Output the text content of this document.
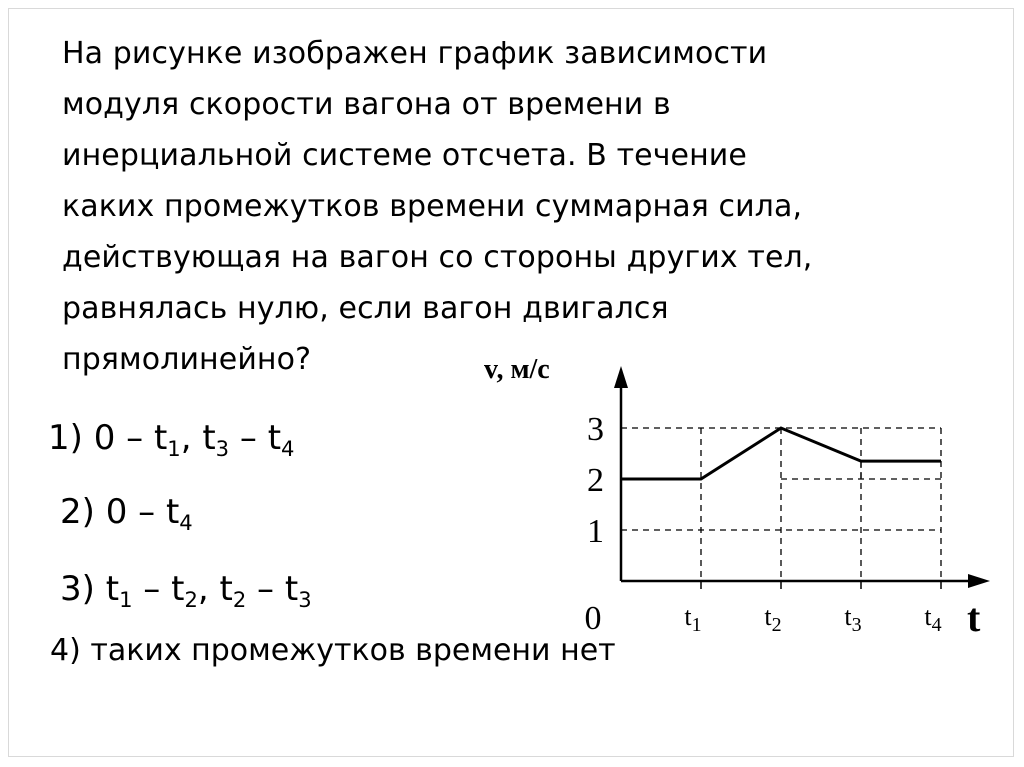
На рисунке изображен график зависимости
модуля скорости вагона от времени в
инерциальной системе отсчета. В течение
каких промежутков времени суммарная сила,
действующая на вагон со стороны других тел,
равнялась нулю, если вагон двигался
прямолинейно?
1) $0 - t_1$, $t_3 - t_4$
2) $0 - t_4$
3) $t_1 - t_2$, $t_2 - t_3$
4) таких промежутков времени нет
1
2
3
0	$t_1$ $t_2$ $t_3$ $t_4$
v, м/с
t
